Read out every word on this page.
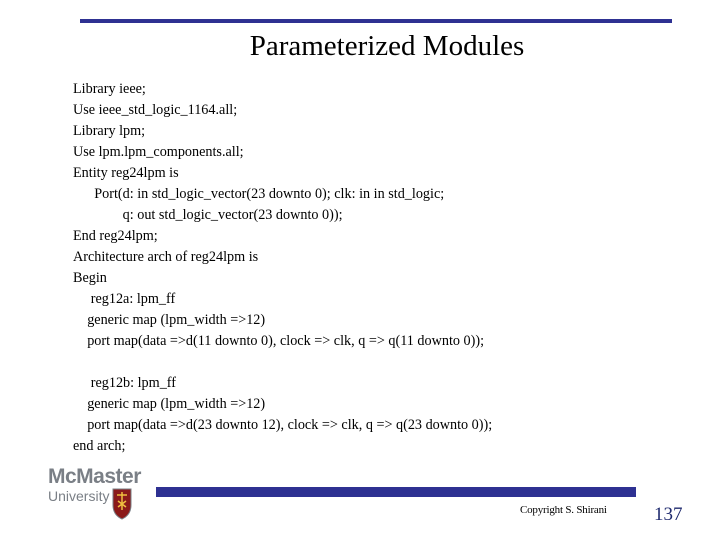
Parameterized Modules
Library ieee;
Use ieee_std_logic_1164.all;
Library lpm;
Use lpm.lpm_components.all;
Entity reg24lpm is
Port(d: in std_logic_vector(23 downto 0); clk: in in std_logic;
q: out std_logic_vector(23 downto 0));
End reg24lpm;
Architecture arch of reg24lpm is
Begin
reg12a: lpm_ff
generic map (lpm_width =>12)
port map(data =>d(11 downto 0), clock => clk, q => q(11 downto 0));
reg12b: lpm_ff
generic map (lpm_width =>12)
port map(data =>d(23 downto 12), clock => clk, q => q(23 downto 0));
end arch;
McMaster
University
Copyright S. Shirani 137
